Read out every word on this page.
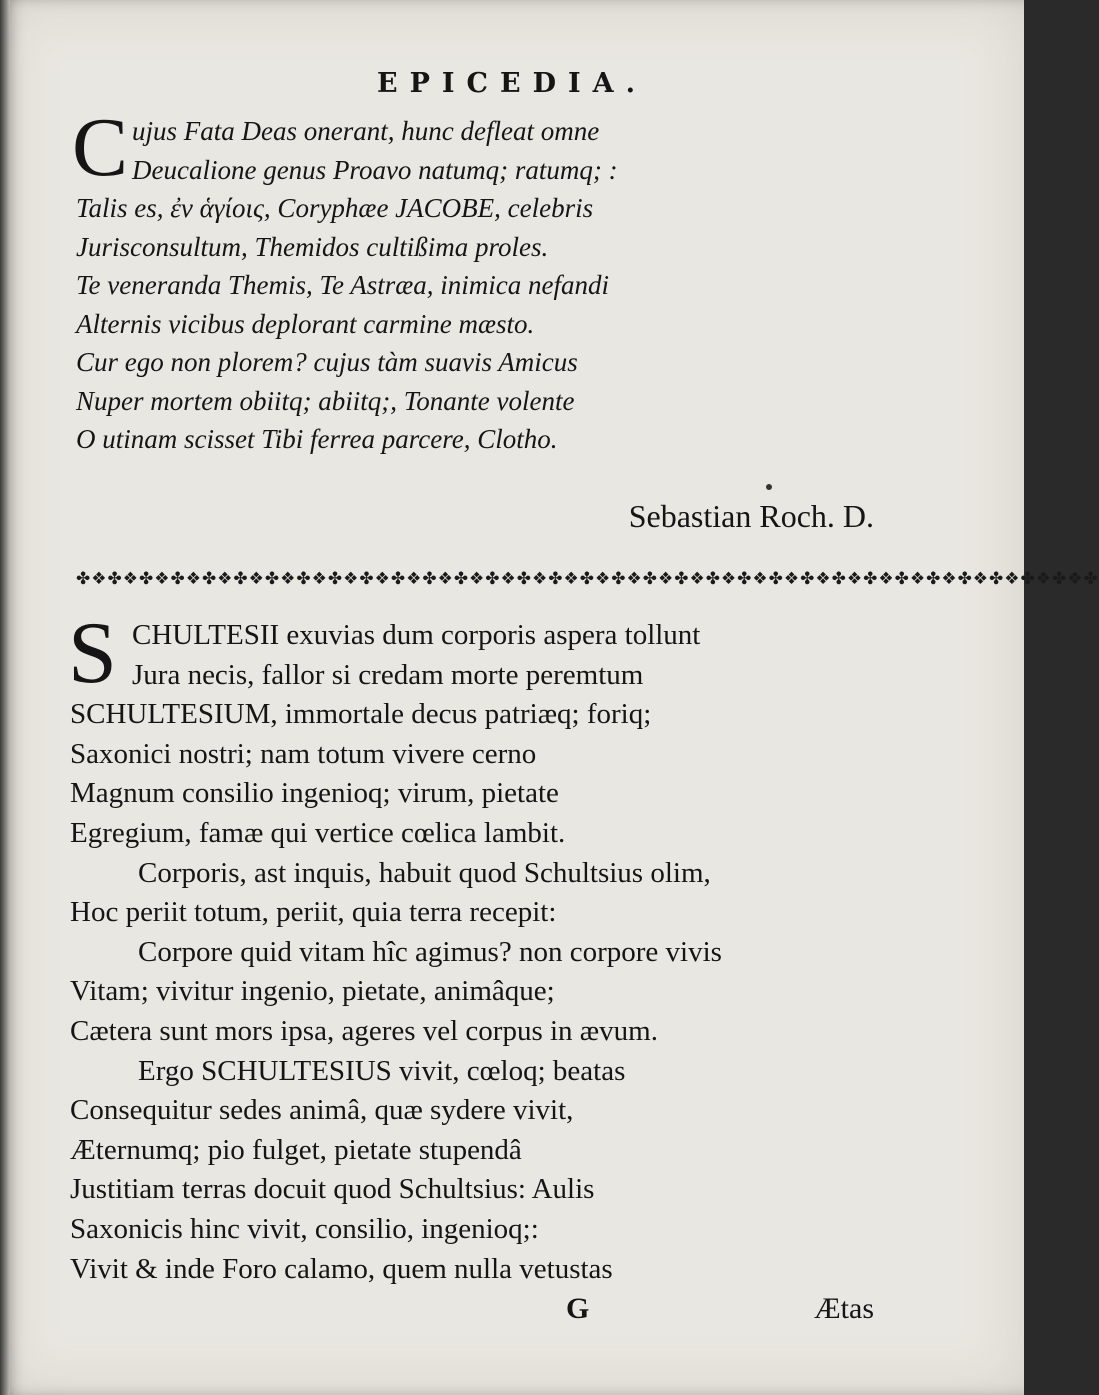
EPICEDIA.
C ujus Fata Deas onerant, hunc defleat omne
Deucalione genus Proavo natumq; ratumq; :
Talis es, ἐν ἁγίοις, Coryphæe JACOBE, celebris
Jurisconsultum, Themidos cultißima proles.
Te veneranda Themis, Te Astræa, inimica nefandi
Alternis vicibus deplorant carmine mæsto.
Cur ego non plorem? cujus tàm suavis Amicus
Nuper mortem obiitq; abiitq;, Tonante volente
O utinam scisset Tibi ferrea parcere, Clotho.
Sebastian Roch. D.
✤❖✤❖✤❖✤❖✤❖✤❖✤❖✤❖✤❖✤❖✤❖✤❖✤❖✤❖✤❖✤❖✤❖✤❖✤❖✤❖✤❖✤❖✤❖✤❖✤❖✤❖✤❖✤❖✤❖✤❖✤❖✤❖✤
S CHULTESII exuvias dum corporis aspera tollunt
Jura necis, fallor si credam morte peremtum
SCHULTESIUM, immortale decus patriæq; foriq;
Saxonici nostri; nam totum vivere cerno
Magnum consilio ingenioq; virum, pietate
Egregium, famæ qui vertice cœlica lambit.
Corporis, ast inquis, habuit quod Schultsius olim,
Hoc periit totum, periit, quia terra recepit:
Corpore quid vitam hîc agimus? non corpore vivis
Vitam; vivitur ingenio, pietate, animâque;
Cætera sunt mors ipsa, ageres vel corpus in ævum.
Ergo SCHULTESIUS vivit, cœloq; beatas
Consequitur sedes animâ, quæ sydere vivit,
Æternumq; pio fulget, pietate stupendâ
Justitiam terras docuit quod Schultsius: Aulis
Saxonicis hinc vivit, consilio, ingenioq;:
Vivit & inde Foro calamo, quem nulla vetustas
G	Ætas
